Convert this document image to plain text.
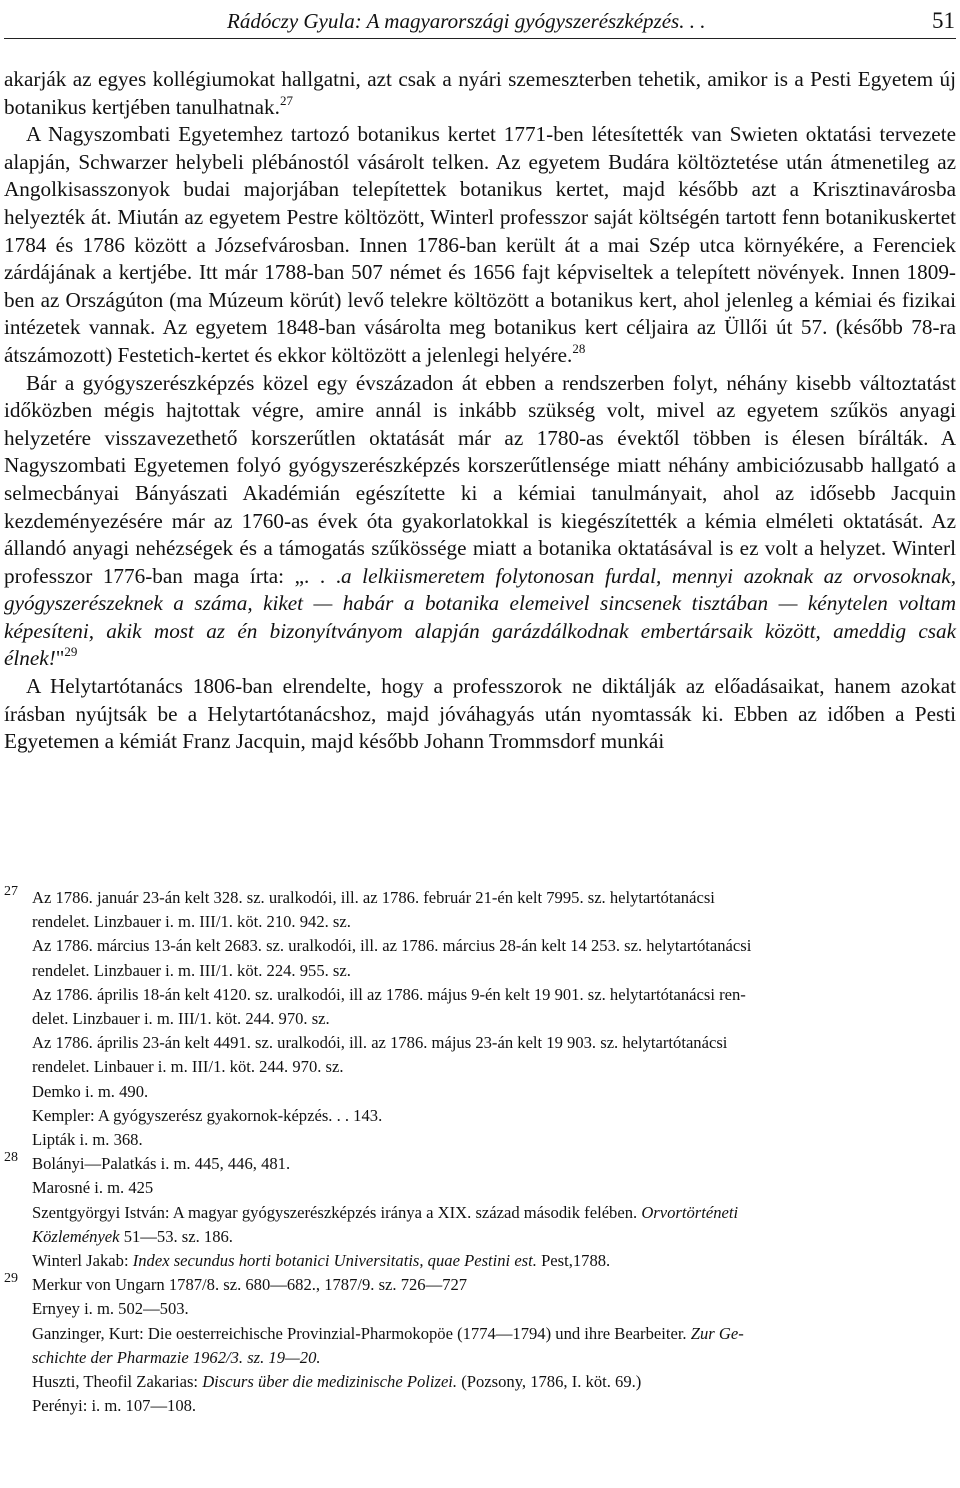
Rádóczy Gyula: A magyarországi gyógyszerészképzés. . .	51

akarják az egyes kollégiumokat hallgatni, azt csak a nyári szemeszterben tehetik, amikor is a Pesti Egyetem új botanikus kertjében tanulhatnak.$^{27}$

A Nagyszombati Egyetemhez tartozó botanikus kertet 1771-ben létesítették van Swieten oktatási tervezete alapján, Schwarzer helybeli plébánostól vásárolt telken. Az egyetem Budára költöztetése után átmenetileg az Angolkisasszonyok budai majorjában telepítettek botanikus kertet, majd később azt a Krisztinavárosba helyezték át. Miután az egyetem Pestre költözött, Winterl professzor saját költségén tartott fenn botanikuskertet 1784 és 1786 között a Józsefvárosban. Innen 1786-ban került át a mai Szép utca környékére, a Ferenciek zárdájának a kertjébe. Itt már 1788-ban 507 német és 1656 fajt képviseltek a telepített növények. Innen 1809-ben az Országúton (ma Múzeum körút) levő telekre költözött a botanikus kert, ahol jelenleg a kémiai és fizikai intézetek vannak. Az egyetem 1848-ban vásárolta meg botanikus kert céljaira az Üllői út 57. (később 78-ra átszámozott) Festetich-kertet és ekkor költözött a jelenlegi helyére.$^{28}$

Bár a gyógyszerészképzés közel egy évszázadon át ebben a rendszerben folyt, néhány kisebb változtatást időközben mégis hajtottak végre, amire annál is inkább szükség volt, mivel az egyetem szűkös anyagi helyzetére visszavezethető korszerűtlen oktatását már az 1780-as évektől többen is élesen bírálták. A Nagyszombati Egyetemen folyó gyógyszerészképzés korszerűtlensége miatt néhány ambiciózusabb hallgató a selmecbányai Bányászati Akadémián egészítette ki a kémiai tanulmányait, ahol az idősebb Jacquin kezdeményezésére már az 1760-as évek óta gyakorlatokkal is kiegészítették a kémia elméleti oktatását. Az állandó anyagi nehézségek és a támogatás szűkössége miatt a botanika oktatásával is ez volt a helyzet. Winterl professzor 1776-ban maga írta: „. . .a lelkiismeretem folytonosan furdal, mennyi azoknak az orvosoknak, gyógyszerészeknek a száma, kiket — habár a botanika elemeivel sincsenek tisztában — kénytelen voltam képesíteni, akik most az én bizonyítványom alapján garázdálkodnak embertársaik között, ameddig csak élnek!"$^{29}$

A Helytartótanács 1806-ban elrendelte, hogy a professzorok ne diktálják az előadásaikat, hanem azokat írásban nyújtsák be a Helytartótanácshoz, majd jóváhagyás után nyomtassák ki. Ebben az időben a Pesti Egyetemen a kémiát Franz Jacquin, majd később Johann Trommsdorf munkái

27 Az 1786. január 23-án kelt 328. sz. uralkodói, ill. az 1786. február 21-én kelt 7995. sz. helytartótanácsi
rendelet. Linzbauer i. m. III/1. köt. 210. 942. sz.
Az 1786. március 13-án kelt 2683. sz. uralkodói, ill. az 1786. március 28-án kelt 14 253. sz. helytartótanácsi
rendelet. Linzbauer i. m. III/1. köt. 224. 955. sz.
Az 1786. április 18-án kelt 4120. sz. uralkodói, ill az 1786. május 9-én kelt 19 901. sz. helytartótanácsi ren-
delet. Linzbauer i. m. III/1. köt. 244. 970. sz.
Az 1786. április 23-án kelt 4491. sz. uralkodói, ill. az 1786. május 23-án kelt 19 903. sz. helytartótanácsi
rendelet. Linbauer i. m. III/1. köt. 244. 970. sz.
Demko i. m. 490.
Kempler: A gyógyszerész gyakornok-képzés. . . 143.
Lipták i. m. 368.
28 Bolányi—Palatkás i. m. 445, 446, 481.
Marosné i. m. 425
Szentgyörgyi István: A magyar gyógyszerészképzés iránya a XIX. század második felében. Orvortörténeti
Közlemények 51—53. sz. 186.
Winterl Jakab: Index secundus horti botanici Universitatis, quae Pestini est. Pest,1788.
29 Merkur von Ungarn 1787/8. sz. 680—682., 1787/9. sz. 726—727
Ernyey i. m. 502—503.
Ganzinger, Kurt: Die oesterreichische Provinzial-Pharmokopöe (1774—1794) und ihre Bearbeiter. Zur Ge-
schichte der Pharmazie 1962/3. sz. 19—20.
Huszti, Theofil Zakarias: Discurs über die medizinische Polizei. (Pozsony, 1786, I. köt. 69.)
Perényi: i. m. 107—108.
